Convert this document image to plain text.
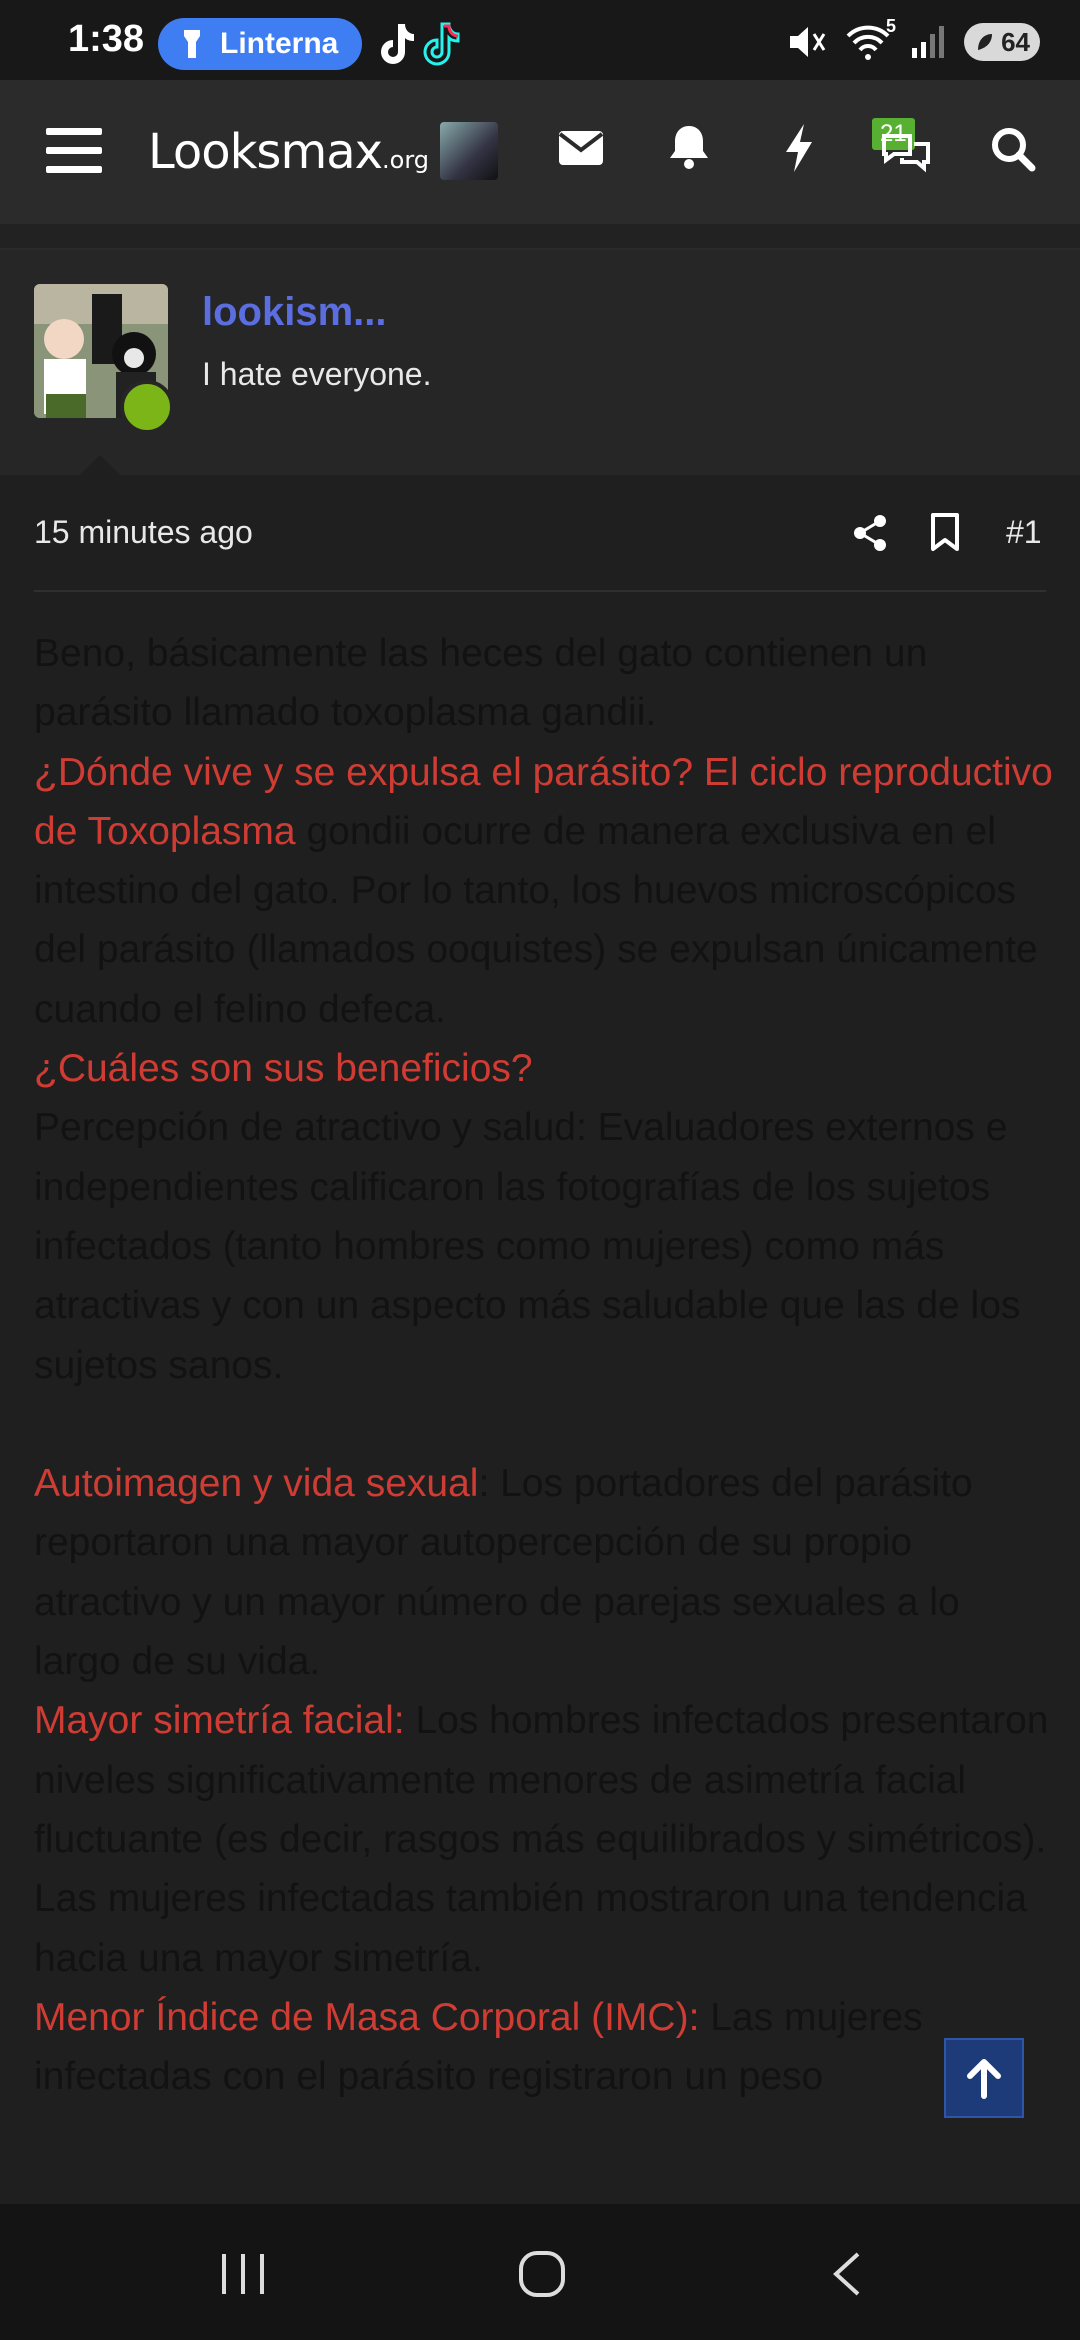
1:38	Linterna
5
64
Looksmax.org
21
lookism...
I hate everyone.
15 minutes ago	#1

Beno, básicamente las heces del gato contienen un parásito llamado toxoplasma gandii.

¿Dónde vive y se expulsa el parásito? El ciclo reproductivo de Toxoplasma gondii ocurre de manera exclusiva en el intestino del gato. Por lo tanto, los huevos microscópicos del parásito (llamados ooquistes) se expulsan únicamente cuando el felino defeca.

¿Cuáles son sus beneficios?

Percepción de atractivo y salud: Evaluadores externos e independientes calificaron las fotografías de los sujetos infectados (tanto hombres como mujeres) como más atractivas y con un aspecto más saludable que las de los sujetos sanos.

Autoimagen y vida sexual: Los portadores del parásito reportaron una mayor autopercepción de su propio atractivo y un mayor número de parejas sexuales a lo largo de su vida.

Mayor simetría facial: Los hombres infectados presentaron niveles significativamente menores de asimetría facial fluctuante (es decir, rasgos más equilibrados y simétricos). Las mujeres infectadas también mostraron una tendencia hacia una mayor simetría.

Menor Índice de Masa Corporal (IMC): Las mujeres infectadas con el parásito registraron un peso
